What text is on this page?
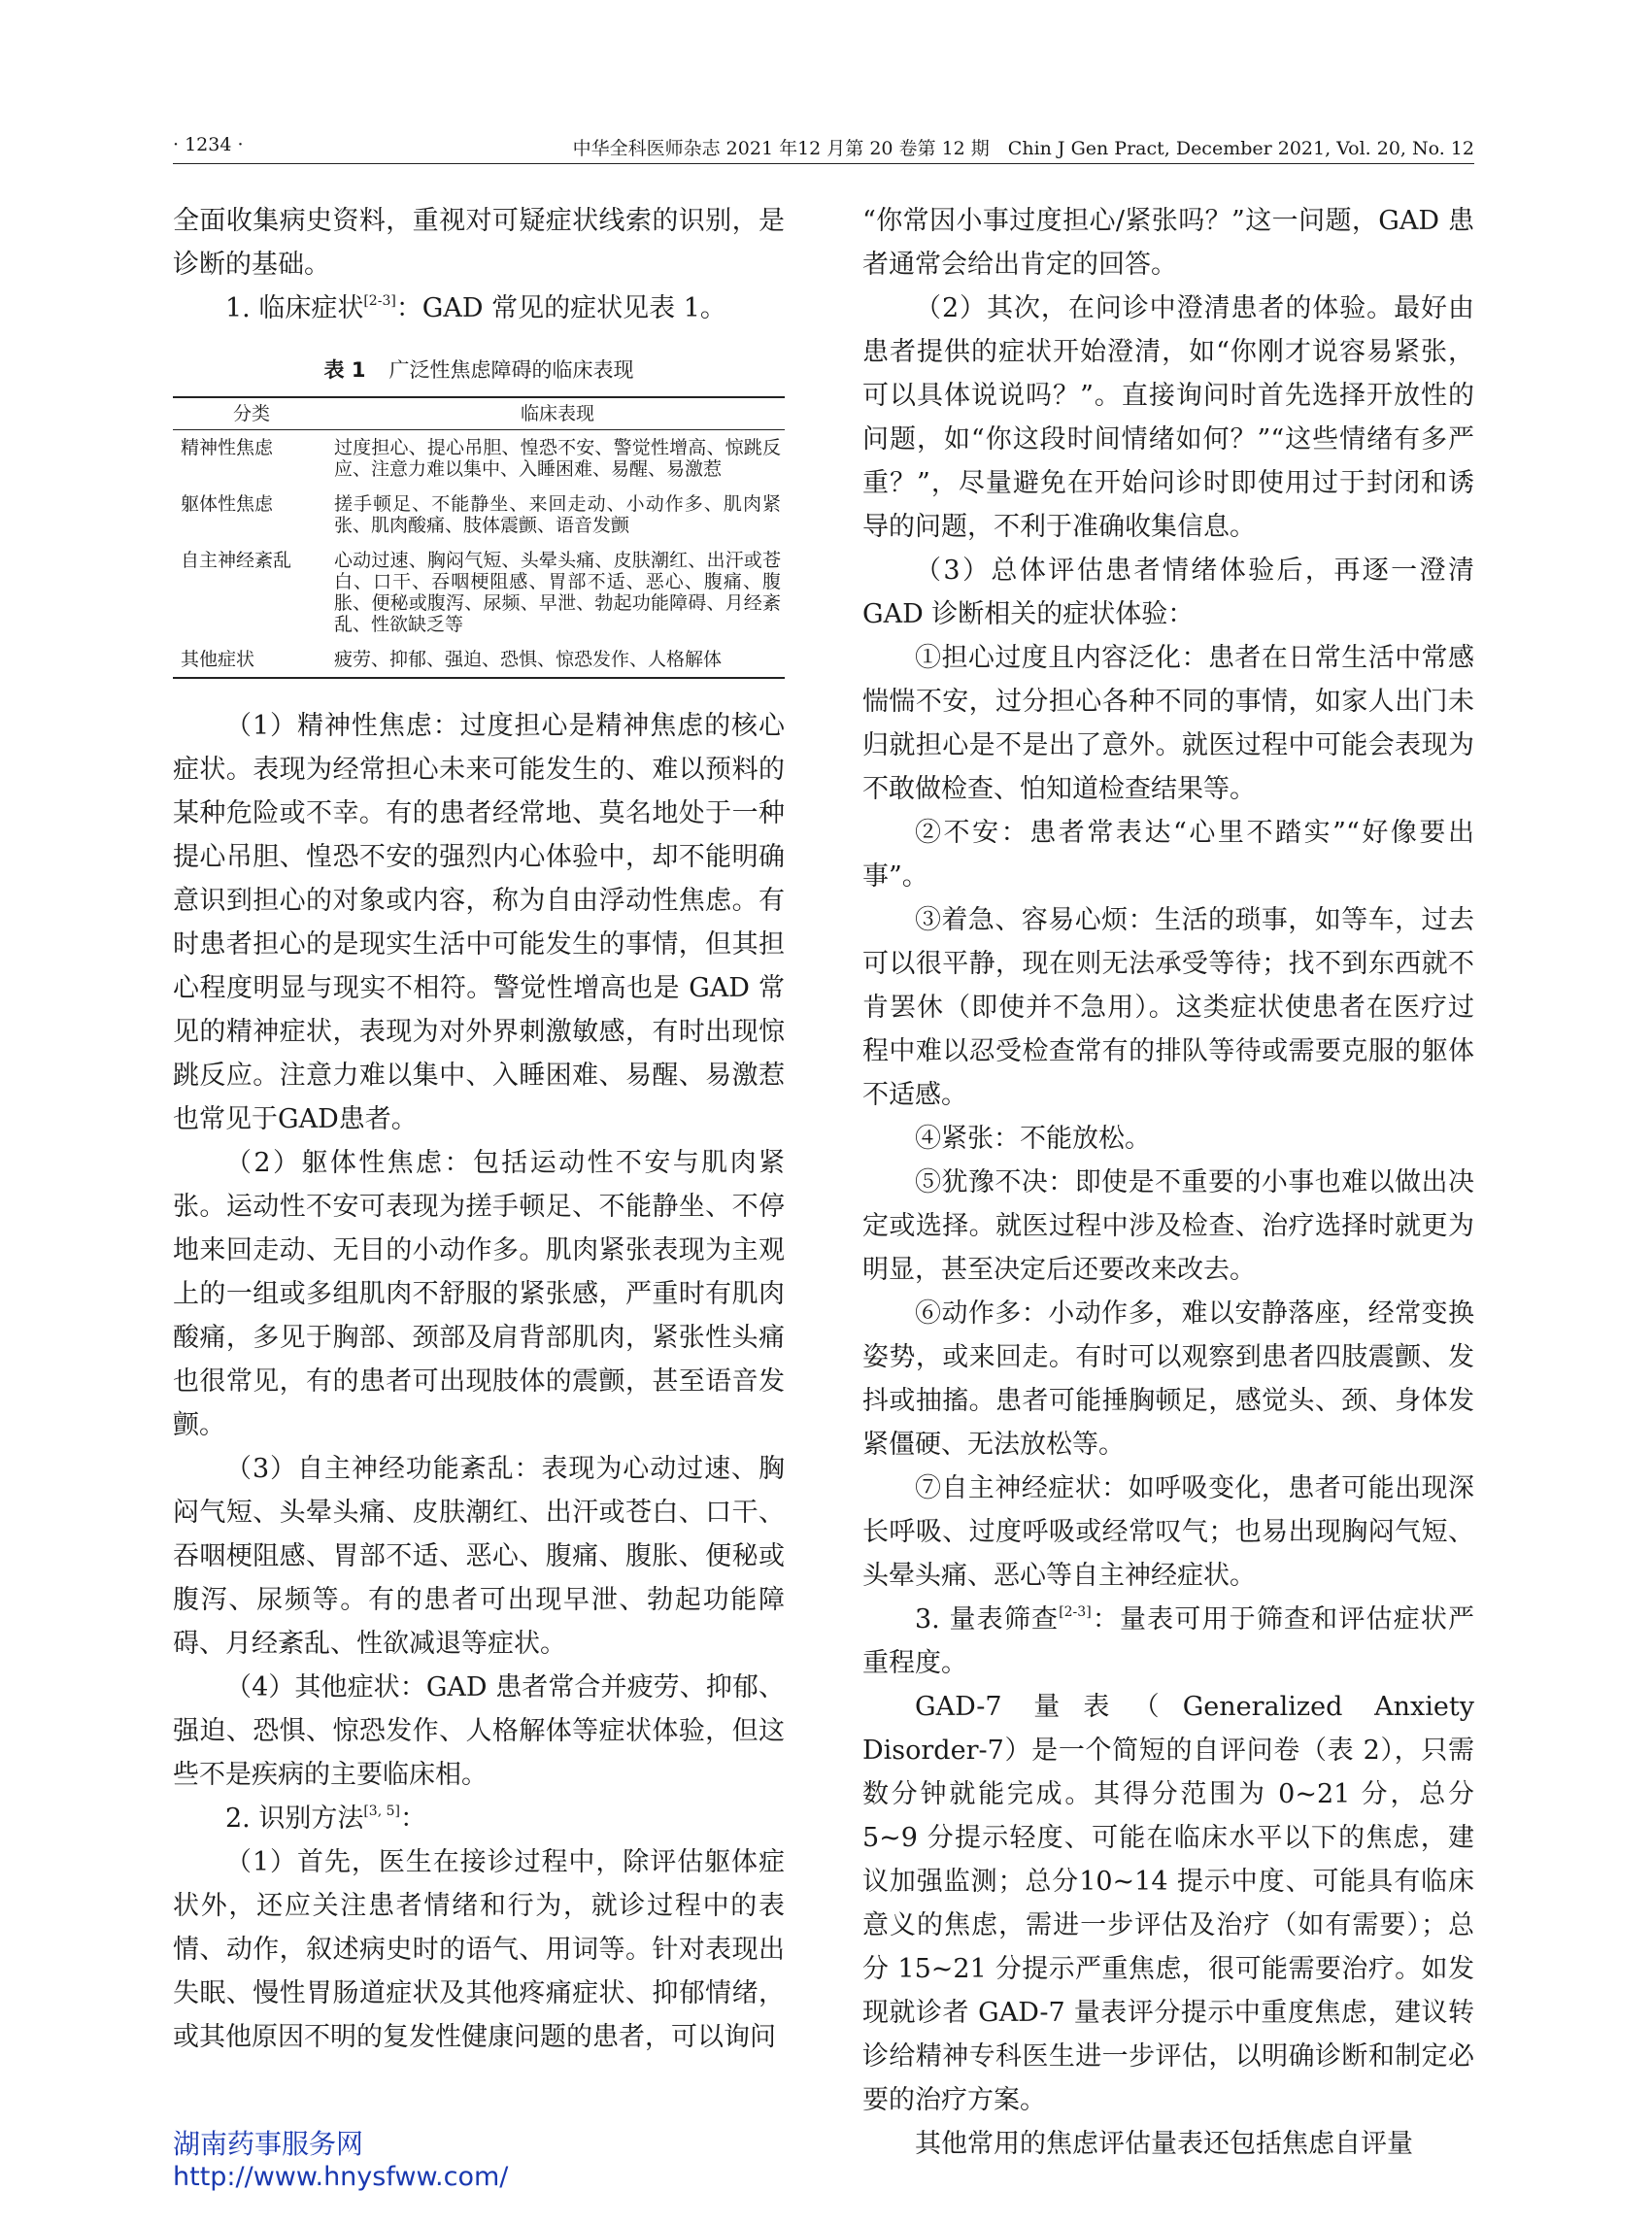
· 1234 ·	中华全科医师杂志 2021 年12 月第 20 卷第 12 期　Chin J Gen Pract, December 2021, Vol. 20, No. 12

全面收集病史资料，重视对可疑症状线索的识别，是诊断的基础。

1. 临床症状[2-3]：GAD 常见的症状见表 1。

表 1 广泛性焦虑障碍的临床表现
分类	临床表现
精神性焦虑	过度担心、提心吊胆、惶恐不安、警觉性增高、惊跳反应、注意力难以集中、入睡困难、易醒、易激惹
躯体性焦虑	搓手顿足、不能静坐、来回走动、小动作多、肌肉紧张、肌肉酸痛、肢体震颤、语音发颤
自主神经紊乱	心动过速、胸闷气短、头晕头痛、皮肤潮红、出汗或苍白、口干、吞咽梗阻感、胃部不适、恶心、腹痛、腹胀、便秘或腹泻、尿频、早泄、勃起功能障碍、月经紊乱、性欲缺乏等
其他症状	疲劳、抑郁、强迫、恐惧、惊恐发作、人格解体

（1）精神性焦虑：过度担心是精神焦虑的核心症状。表现为经常担心未来可能发生的、难以预料的某种危险或不幸。有的患者经常地、莫名地处于一种提心吊胆、惶恐不安的强烈内心体验中，却不能明确意识到担心的对象或内容，称为自由浮动性焦虑。有时患者担心的是现实生活中可能发生的事情，但其担心程度明显与现实不相符。警觉性增高也是 GAD 常见的精神症状，表现为对外界刺激敏感，有时出现惊跳反应。注意力难以集中、入睡困难、易醒、易激惹也常见于GAD患者。

（2）躯体性焦虑：包括运动性不安与肌肉紧张。运动性不安可表现为搓手顿足、不能静坐、不停地来回走动、无目的小动作多。肌肉紧张表现为主观上的一组或多组肌肉不舒服的紧张感，严重时有肌肉酸痛，多见于胸部、颈部及肩背部肌肉，紧张性头痛也很常见，有的患者可出现肢体的震颤，甚至语音发颤。

（3）自主神经功能紊乱：表现为心动过速、胸闷气短、头晕头痛、皮肤潮红、出汗或苍白、口干、吞咽梗阻感、胃部不适、恶心、腹痛、腹胀、便秘或腹泻、尿频等。有的患者可出现早泄、勃起功能障碍、月经紊乱、性欲减退等症状。

（4）其他症状：GAD 患者常合并疲劳、抑郁、强迫、恐惧、惊恐发作、人格解体等症状体验，但这些不是疾病的主要临床相。

2. 识别方法[3, 5]：

（1）首先，医生在接诊过程中，除评估躯体症状外，还应关注患者情绪和行为，就诊过程中的表情、动作，叙述病史时的语气、用词等。针对表现出失眠、慢性胃肠道症状及其他疼痛症状、抑郁情绪，或其他原因不明的复发性健康问题的患者，可以询问

“你常因小事过度担心/紧张吗？”这一问题，GAD 患者通常会给出肯定的回答。

（2）其次，在问诊中澄清患者的体验。最好由患者提供的症状开始澄清，如“你刚才说容易紧张，可以具体说说吗？”。直接询问时首先选择开放性的问题，如“你这段时间情绪如何？”“这些情绪有多严重？”，尽量避免在开始问诊时即使用过于封闭和诱导的问题，不利于准确收集信息。

（3）总体评估患者情绪体验后，再逐一澄清GAD 诊断相关的症状体验：

①担心过度且内容泛化：患者在日常生活中常感惴惴不安，过分担心各种不同的事情，如家人出门未归就担心是不是出了意外。就医过程中可能会表现为不敢做检查、怕知道检查结果等。

②不安：患者常表达“心里不踏实”“好像要出事”。

③着急、容易心烦：生活的琐事，如等车，过去可以很平静，现在则无法承受等待；找不到东西就不肯罢休（即使并不急用）。这类症状使患者在医疗过程中难以忍受检查常有的排队等待或需要克服的躯体不适感。

④紧张：不能放松。

⑤犹豫不决：即使是不重要的小事也难以做出决定或选择。就医过程中涉及检查、治疗选择时就更为明显，甚至决定后还要改来改去。

⑥动作多：小动作多，难以安静落座，经常变换姿势，或来回走。有时可以观察到患者四肢震颤、发抖或抽搐。患者可能捶胸顿足，感觉头、颈、身体发紧僵硬、无法放松等。

⑦自主神经症状：如呼吸变化，患者可能出现深长呼吸、过度呼吸或经常叹气；也易出现胸闷气短、头晕头痛、恶心等自主神经症状。

3. 量表筛查[2-3]：量表可用于筛查和评估症状严重程度。

GAD-7 量表（Generalized Anxiety Disorder-7）是一个简短的自评问卷（表 2），只需数分钟就能完成。其得分范围为 0~21 分，总分 5~9 分提示轻度、可能在临床水平以下的焦虑，建议加强监测；总分10~14 提示中度、可能具有临床意义的焦虑，需进一步评估及治疗（如有需要）；总分 15~21 分提示严重焦虑，很可能需要治疗。如发现就诊者 GAD-7 量表评分提示中重度焦虑，建议转诊给精神专科医生进一步评估，以明确诊断和制定必要的治疗方案。

其他常用的焦虑评估量表还包括焦虑自评量

湖南药事服务网
http://www.hnysfww.com/
